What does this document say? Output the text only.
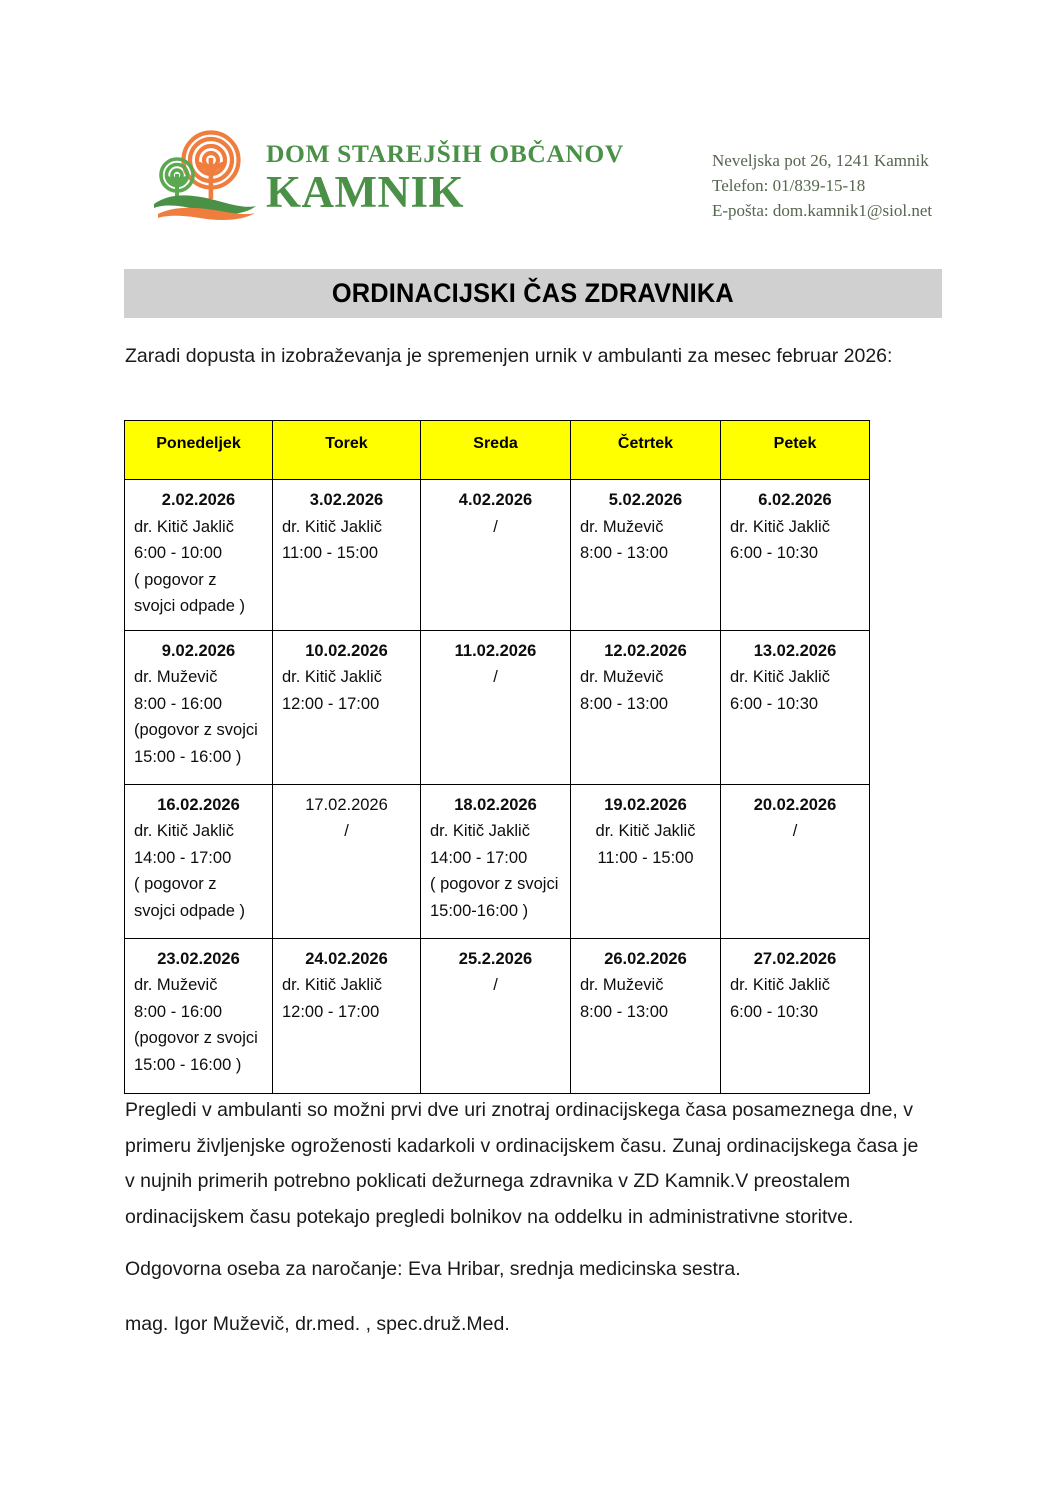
DOM STAREJŠIH OBČANOV
KAMNIK
Neveljska pot 26, 1241 Kamnik
Telefon: 01/839-15-18
E-pošta: dom.kamnik1@siol.net
ORDINACIJSKI ČAS ZDRAVNIKA
Zaradi dopusta in izobraževanja je spremenjen urnik v ambulanti za mesec februar 2026:
Ponedeljek	Torek	Sreda	Četrtek	Petek

2.02.2026
dr. Kitič Jaklič
6:00 - 10:00
( pogovor z
svojci odpade )	3.02.2026
dr. Kitič Jaklič
11:00 - 15:00	4.02.2026
/	5.02.2026
dr. Muževič
8:00 - 13:00	6.02.2026
dr. Kitič Jaklič
6:00 - 10:30

9.02.2026
dr. Muževič
8:00 - 16:00
(pogovor z svojci
15:00 - 16:00 )	10.02.2026
dr. Kitič Jaklič
12:00 - 17:00	11.02.2026
/	12.02.2026
dr. Muževič
8:00 - 13:00	13.02.2026
dr. Kitič Jaklič
6:00 - 10:30

16.02.2026
dr. Kitič Jaklič
14:00 - 17:00
( pogovor z
svojci odpade )	17.02.2026
/	18.02.2026
dr. Kitič Jaklič
14:00 - 17:00
( pogovor z svojci
15:00-16:00 )	19.02.2026
dr. Kitič Jaklič
11:00 - 15:00	20.02.2026
/

23.02.2026
dr. Muževič
8:00 - 16:00
(pogovor z svojci
15:00 - 16:00 )	24.02.2026
dr. Kitič Jaklič
12:00 - 17:00	25.2.2026
/	26.02.2026
dr. Muževič
8:00 - 13:00	27.02.2026
dr. Kitič Jaklič
6:00 - 10:30

Pregledi v ambulanti so možni prvi dve uri znotraj ordinacijskega časa posameznega dne, v primeru življenjske ogroženosti kadarkoli v ordinacijskem času. Zunaj ordinacijskega časa je v nujnih primerih potrebno poklicati dežurnega zdravnika v ZD Kamnik.V preostalem ordinacijskem času potekajo pregledi bolnikov na oddelku in administrativne storitve.

Odgovorna oseba za naročanje: Eva Hribar, srednja medicinska sestra.

mag. Igor Muževič, dr.med. , spec.druž.Med.
